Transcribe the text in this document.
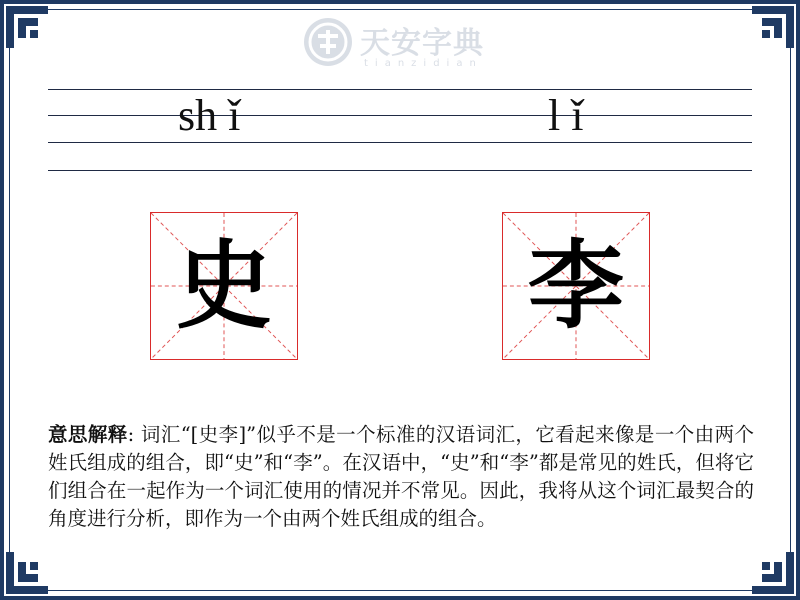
天安字典
tianzidian
sh ǐ	l ǐ
史	李
意思解释: 词汇“[史李]”似乎不是一个标准的汉语词汇，它看起来像是一个由两个姓氏组成的组合，即“史”和“李”。在汉语中，“史”和“李”都是常见的姓氏，但将它们组合在一起作为一个词汇使用的情况并不常见。因此，我将从这个词汇最契合的角度进行分析，即作为一个由两个姓氏组成的组合。
